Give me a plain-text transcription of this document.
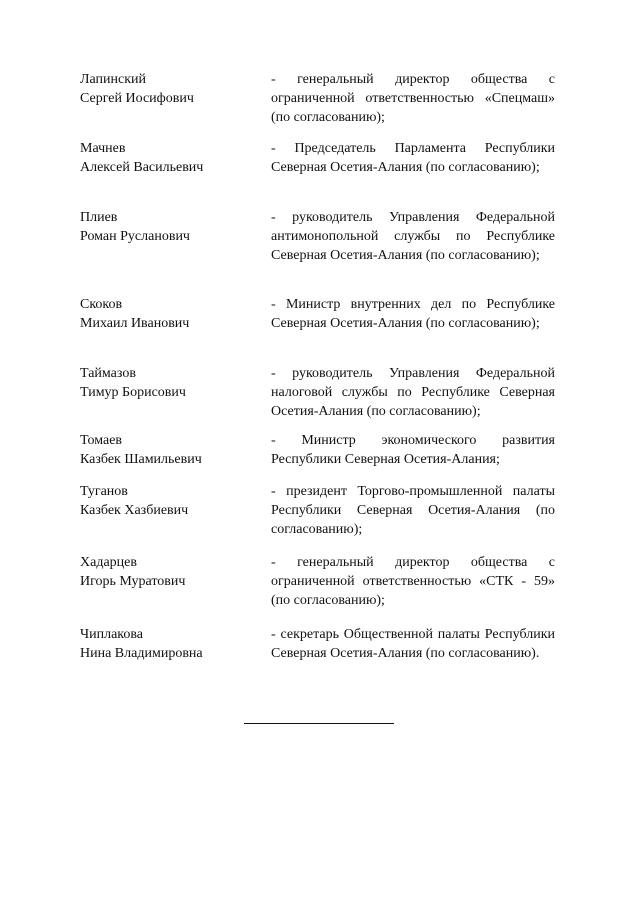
Лапинский
Сергей Иосифович
- генеральный директор общества с ограниченной ответственностью «Спецмаш» (по согласованию);
Мачнев
Алексей Васильевич
- Председатель Парламента Республики Северная Осетия-Алания (по согласованию);
Плиев
Роман Русланович
- руководитель Управления Федеральной антимонопольной службы по Республике Северная Осетия-Алания (по согласованию);
Скоков
Михаил Иванович
- Министр внутренних дел по Республике Северная Осетия-Алания (по согласованию);
Таймазов
Тимур Борисович
- руководитель Управления Федеральной налоговой службы по Республике Северная Осетия-Алания (по согласованию);
Томаев
Казбек Шамильевич
- Министр экономического развития Республики Северная Осетия-Алания;
Туганов
Казбек Хазбиевич
- президент Торгово-промышленной палаты Республики Северная Осетия-Алания (по согласованию);
Хадарцев
Игорь Муратович
- генеральный директор общества с ограниченной ответственностью «СТК - 59» (по согласованию);
Чиплакова
Нина Владимировна
- секретарь Общественной палаты Республики Северная Осетия-Алания (по согласованию).
